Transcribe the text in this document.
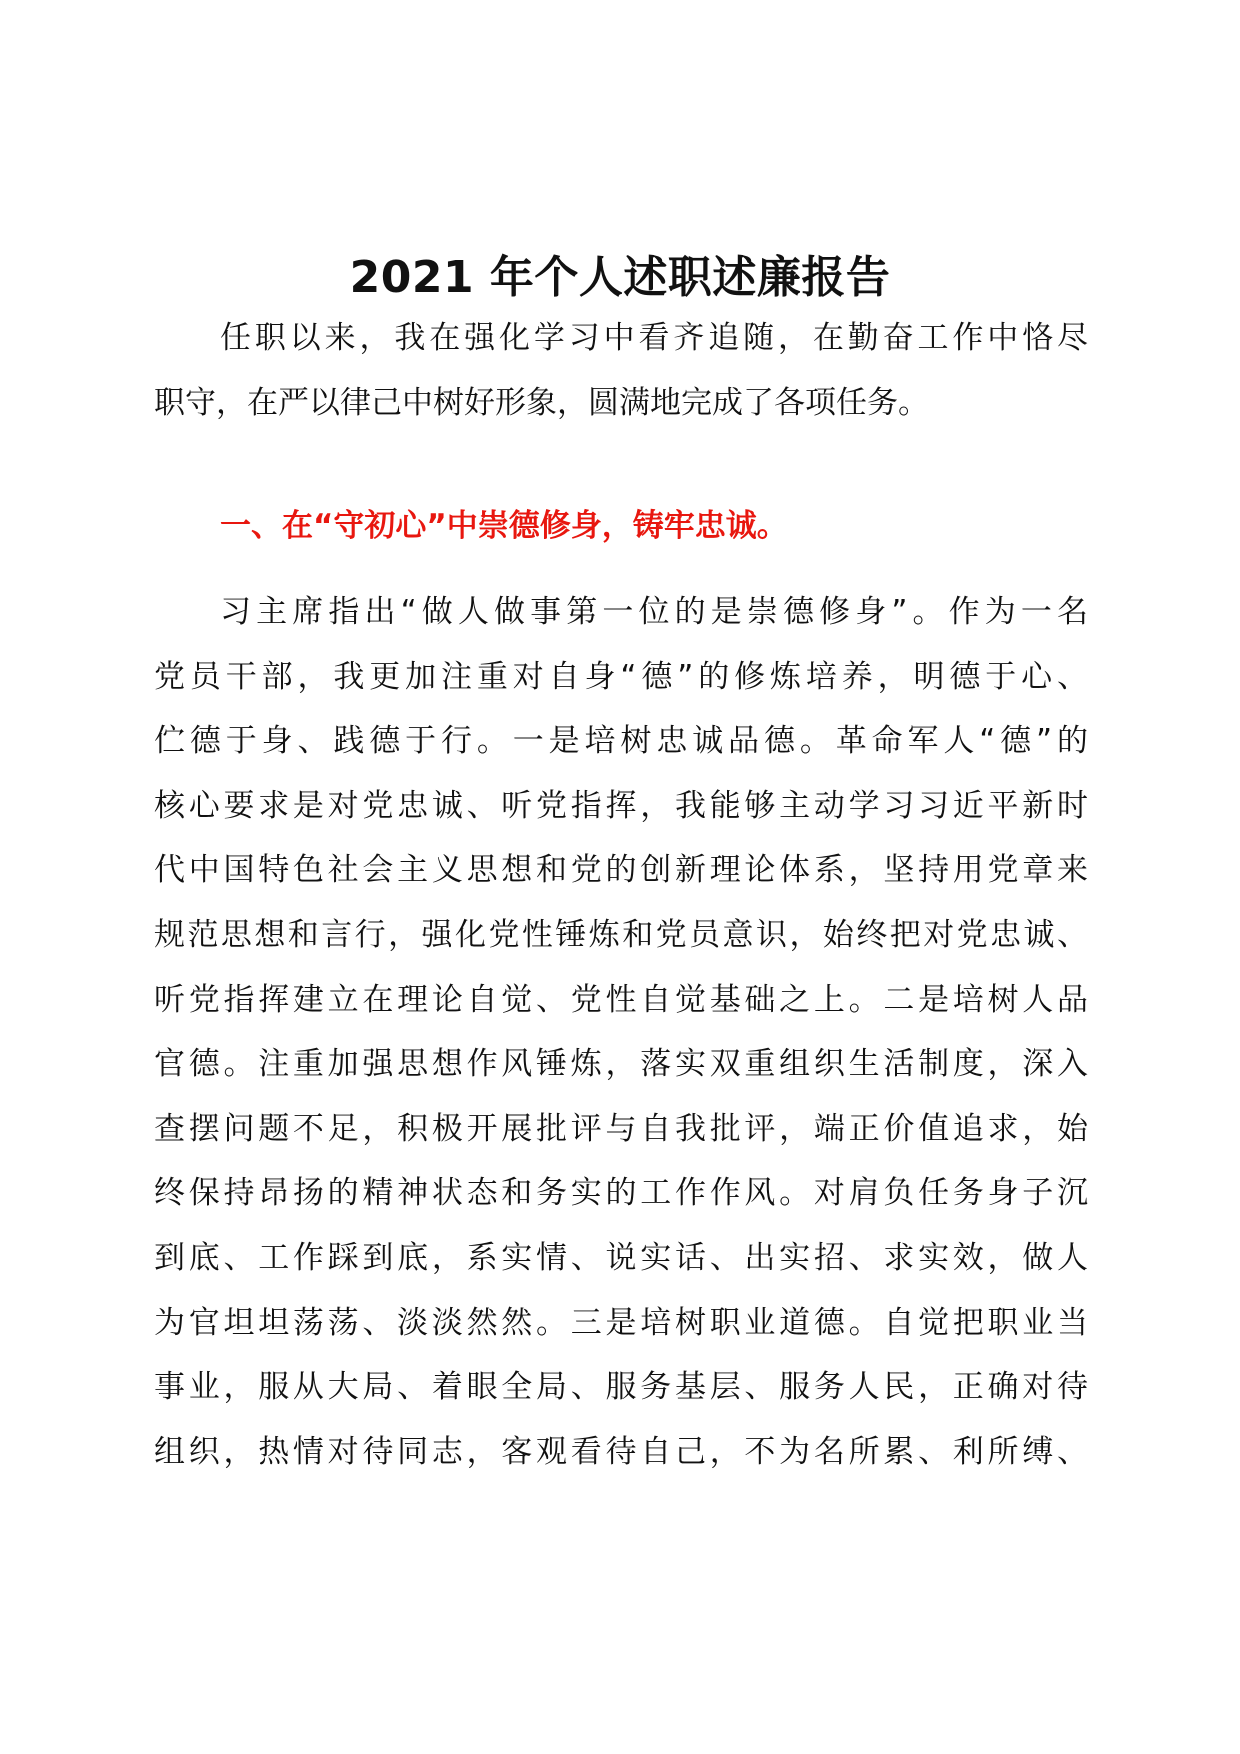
2021 年个人述职述廉报告
任职以来，我在强化学习中看齐追随，在勤奋工作中恪尽
职守，在严以律己中树好形象，圆满地完成了各项任务。
一、在“守初心”中崇德修身，铸牢忠诚。
习主席指出“做人做事第一位的是崇德修身”。作为一名
党员干部，我更加注重对自身“德”的修炼培养，明德于心、
伫德于身、践德于行。一是培树忠诚品德。革命军人“德”的
核心要求是对党忠诚、听党指挥，我能够主动学习习近平新时
代中国特色社会主义思想和党的创新理论体系，坚持用党章来
规范思想和言行，强化党性锤炼和党员意识，始终把对党忠诚、
听党指挥建立在理论自觉、党性自觉基础之上。二是培树人品
官德。注重加强思想作风锤炼，落实双重组织生活制度，深入
查摆问题不足，积极开展批评与自我批评，端正价值追求，始
终保持昂扬的精神状态和务实的工作作风。对肩负任务身子沉
到底、工作踩到底，系实情、说实话、出实招、求实效，做人
为官坦坦荡荡、淡淡然然。三是培树职业道德。自觉把职业当
事业，服从大局、着眼全局、服务基层、服务人民，正确对待
组织，热情对待同志，客观看待自己，不为名所累、利所缚、
